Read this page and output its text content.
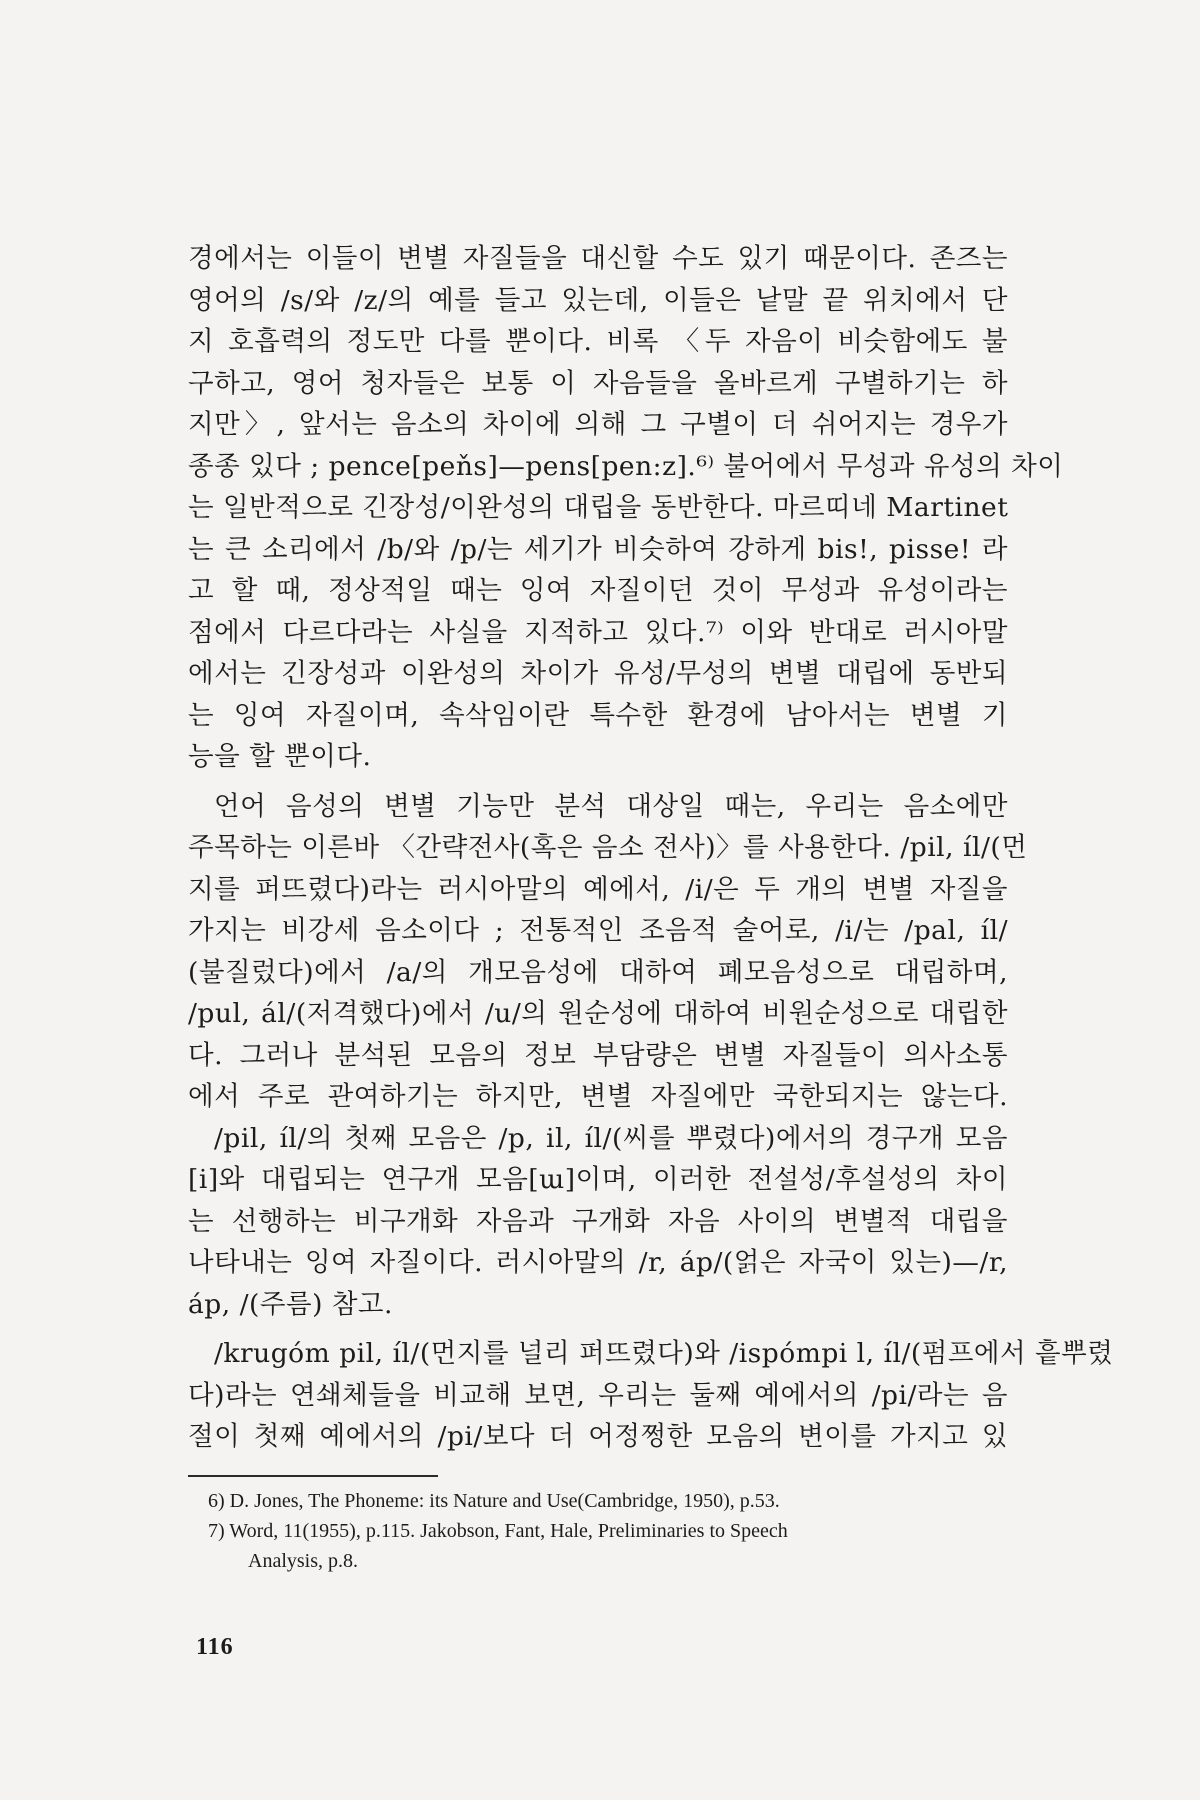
경에서는 이들이 변별 자질들을 대신할 수도 있기 때문이다. 존즈는
영어의 /s/와 /z/의 예를 들고 있는데, 이들은 낱말 끝 위치에서 단
지 호흡력의 정도만 다를 뿐이다. 비록 〈두 자음이 비슷함에도 불
구하고, 영어 청자들은 보통 이 자음들을 올바르게 구별하기는 하
지만〉, 앞서는 음소의 차이에 의해 그 구별이 더 쉬어지는 경우가
종종 있다 ; pence[peňs]—pens[pen:z].⁶⁾ 불어에서 무성과 유성의 차이
는 일반적으로 긴장성/이완성의 대립을 동반한다. 마르띠네 Martinet
는 큰 소리에서 /b/와 /p/는 세기가 비슷하여 강하게 bis!, pisse! 라
고 할 때, 정상적일 때는 잉여 자질이던 것이 무성과 유성이라는
점에서 다르다라는 사실을 지적하고 있다.⁷⁾ 이와 반대로 러시아말
에서는 긴장성과 이완성의 차이가 유성/무성의 변별 대립에 동반되
는 잉여 자질이며, 속삭임이란 특수한 환경에 남아서는 변별 기
능을 할 뿐이다.
언어 음성의 변별 기능만 분석 대상일 때는, 우리는 음소에만
주목하는 이른바 〈간략전사(혹은 음소 전사)〉를 사용한다. /pil, íl/(먼
지를 퍼뜨렸다)라는 러시아말의 예에서, /i/은 두 개의 변별 자질을
가지는 비강세 음소이다 ; 전통적인 조음적 술어로, /i/는 /pal, íl/
(불질렀다)에서 /a/의 개모음성에 대하여 폐모음성으로 대립하며,
/pul, ál/(저격했다)에서 /u/의 원순성에 대하여 비원순성으로 대립한
다. 그러나 분석된 모음의 정보 부담량은 변별 자질들이 의사소통
에서 주로 관여하기는 하지만, 변별 자질에만 국한되지는 않는다.
/pil, íl/의 첫째 모음은 /p, il, íl/(씨를 뿌렸다)에서의 경구개 모음
[i]와 대립되는 연구개 모음[ɯ]이며, 이러한 전설성/후설성의 차이
는 선행하는 비구개화 자음과 구개화 자음 사이의 변별적 대립을
나타내는 잉여 자질이다. 러시아말의 /r, áp/(얽은 자국이 있는)—/r,
áp, /(주름) 참고.
/krugóm pil, íl/(먼지를 널리 퍼뜨렸다)와 /ispómpi l, íl/(펌프에서 흩뿌렸
다)라는 연쇄체들을 비교해 보면, 우리는 둘째 예에서의 /pi/라는 음
절이 첫째 예에서의 /pi/보다 더 어정쩡한 모음의 변이를 가지고 있
6) D. Jones, The Phoneme: its Nature and Use(Cambridge, 1950), p.53.
7) Word, 11(1955), p.115. Jakobson, Fant, Hale, Preliminaries to Speech
Analysis, p.8.
116
